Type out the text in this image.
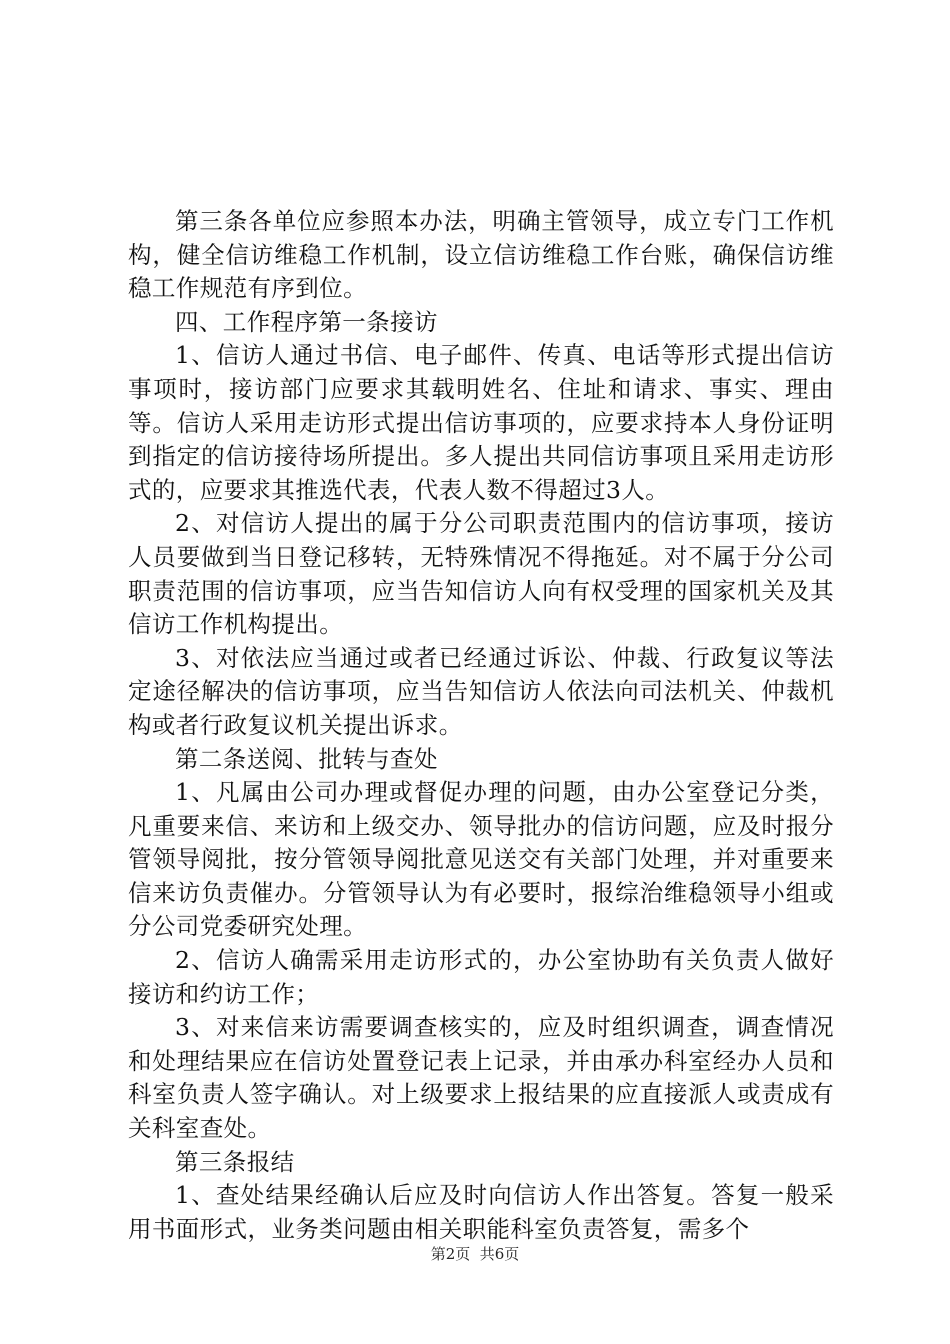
第三条各单位应参照本办法，明确主管领导，成立专门工作机构，健全信访维稳工作机制，设立信访维稳工作台账，确保信访维稳工作规范有序到位。

四、工作程序第一条接访

1、信访人通过书信、电子邮件、传真、电话等形式提出信访事项时，接访部门应要求其载明姓名、住址和请求、事实、理由等。信访人采用走访形式提出信访事项的，应要求持本人身份证明到指定的信访接待场所提出。多人提出共同信访事项且采用走访形式的，应要求其推选代表，代表人数不得超过3人。

2、对信访人提出的属于分公司职责范围内的信访事项，接访人员要做到当日登记移转，无特殊情况不得拖延。对不属于分公司职责范围的信访事项，应当告知信访人向有权受理的国家机关及其信访工作机构提出。

3、对依法应当通过或者已经通过诉讼、仲裁、行政复议等法定途径解决的信访事项，应当告知信访人依法向司法机关、仲裁机构或者行政复议机关提出诉求。

第二条送阅、批转与查处

1、凡属由公司办理或督促办理的问题，由办公室登记分类，凡重要来信、来访和上级交办、领导批办的信访问题，应及时报分管领导阅批，按分管领导阅批意见送交有关部门处理，并对重要来信来访负责催办。分管领导认为有必要时，报综治维稳领导小组或分公司党委研究处理。

2、信访人确需采用走访形式的，办公室协助有关负责人做好接访和约访工作；

3、对来信来访需要调查核实的，应及时组织调查，调查情况和处理结果应在信访处置登记表上记录，并由承办科室经办人员和科室负责人签字确认。对上级要求上报结果的应直接派人或责成有关科室查处。

第三条报结

1、查处结果经确认后应及时向信访人作出答复。答复一般采用书面形式，业务类问题由相关职能科室负责答复，需多个

第2页  共6页
